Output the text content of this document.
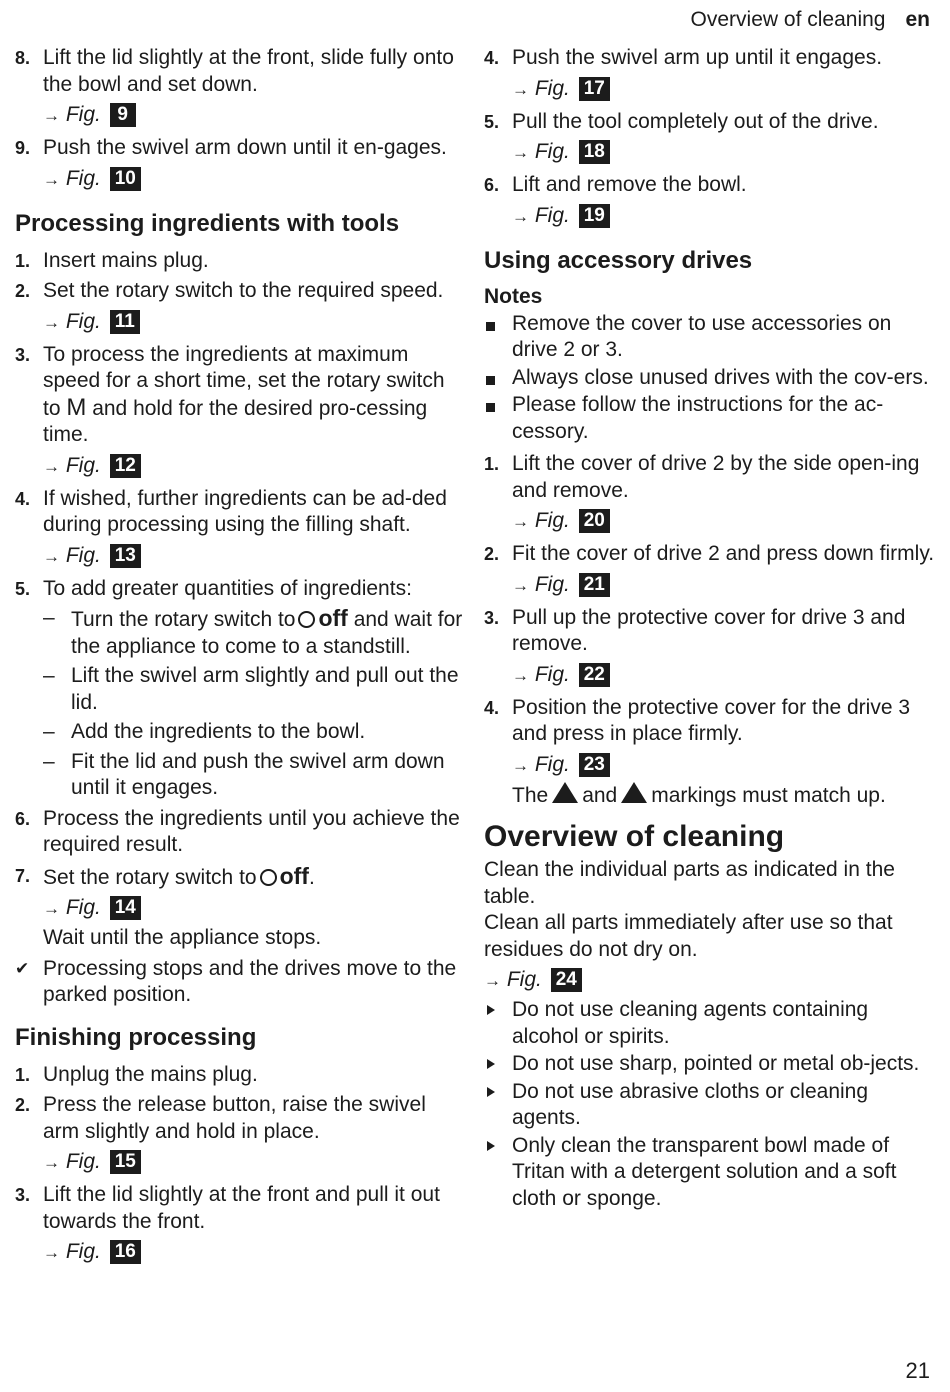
Overview of cleaning en
8. Lift the lid slightly at the front, slide fully onto the bowl and set down.
→ Fig. 9
9. Push the swivel arm down until it en-gages.
→ Fig. 10
Processing ingredients with tools
1. Insert mains plug.
2. Set the rotary switch to the required speed.
→ Fig. 11
3. To process the ingredients at maximum speed for a short time, set the rotary switch to M and hold for the desired pro-cessing time.
→ Fig. 12
4. If wished, further ingredients can be ad-ded during processing using the filling shaft.
→ Fig. 13
5. To add greater quantities of ingredients:
– Turn the rotary switch to off and wait for the appliance to come to a standstill.
– Lift the swivel arm slightly and pull out the lid.
– Add the ingredients to the bowl.
– Fit the lid and push the swivel arm down until it engages.
6. Process the ingredients until you achieve the required result.
7. Set the rotary switch to off.
→ Fig. 14
Wait until the appliance stops.
✔ Processing stops and the drives move to the parked position.
Finishing processing
1. Unplug the mains plug.
2. Press the release button, raise the swivel arm slightly and hold in place.
→ Fig. 15
3. Lift the lid slightly at the front and pull it out towards the front.
→ Fig. 16
4. Push the swivel arm up until it engages.
→ Fig. 17
5. Pull the tool completely out of the drive.
→ Fig. 18
6. Lift and remove the bowl.
→ Fig. 19
Using accessory drives
Notes
Remove the cover to use accessories on drive 2 or 3.
Always close unused drives with the cov-ers.
Please follow the instructions for the ac-cessory.
1. Lift the cover of drive 2 by the side open-ing and remove.
→ Fig. 20
2. Fit the cover of drive 2 and press down firmly.
→ Fig. 21
3. Pull up the protective cover for drive 3 and remove.
→ Fig. 22
4. Position the protective cover for the drive 3 and press in place firmly.
→ Fig. 23
The and markings must match up.
Overview of cleaning
Clean the individual parts as indicated in the table.
Clean all parts immediately after use so that residues do not dry on.
→ Fig. 24
Do not use cleaning agents containing alcohol or spirits.
Do not use sharp, pointed or metal ob-jects.
Do not use abrasive cloths or cleaning agents.
Only clean the transparent bowl made of Tritan with a detergent solution and a soft cloth or sponge.
21
